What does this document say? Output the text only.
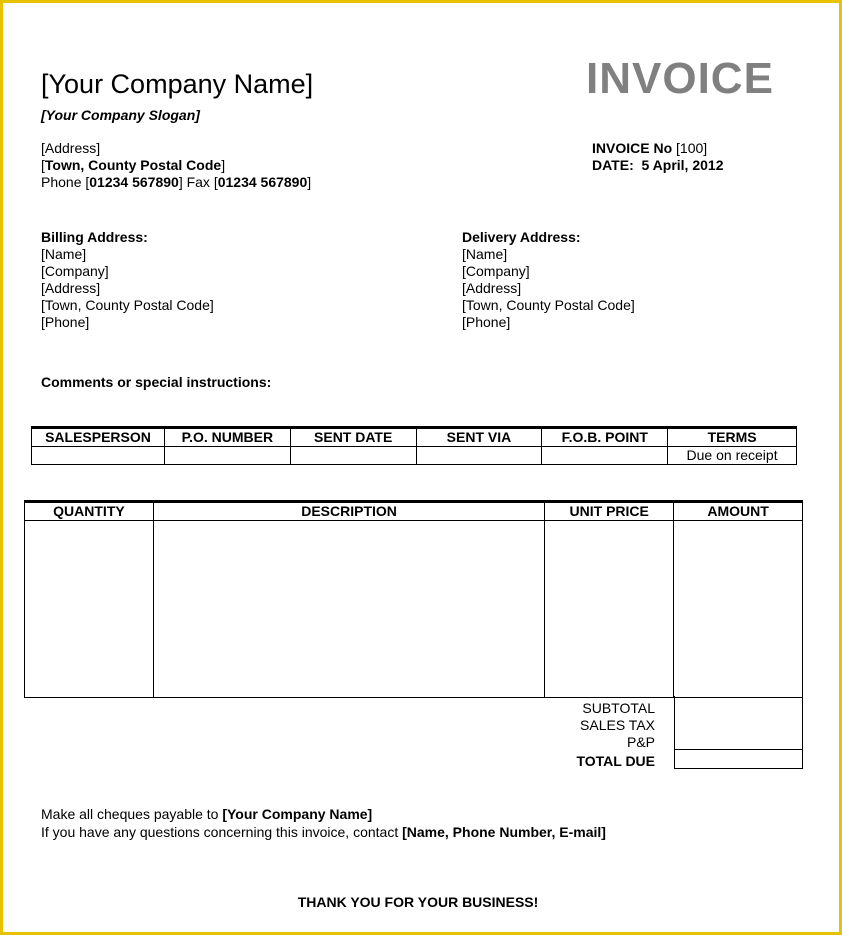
[Your Company Name]
[Your Company Slogan]
INVOICE
[Address]
[Town, County Postal Code]
Phone [01234 567890] Fax [01234 567890]
INVOICE No [100]
DATE: 5 April, 2012
Billing Address:
[Name]
[Company]
[Address]
[Town, County Postal Code]
[Phone]
Delivery Address:
[Name]
[Company]
[Address]
[Town, County Postal Code]
[Phone]
Comments or special instructions:
SALESPERSON	P.O. NUMBER	SENT DATE	SENT VIA	F.O.B. POINT	TERMS
					Due on receipt
QUANTITY	DESCRIPTION	UNIT PRICE	AMOUNT

SUBTOTAL
SALES TAX
P&P
TOTAL DUE
Make all cheques payable to [Your Company Name]
If you have any questions concerning this invoice, contact [Name, Phone Number, E-mail]
THANK YOU FOR YOUR BUSINESS!
